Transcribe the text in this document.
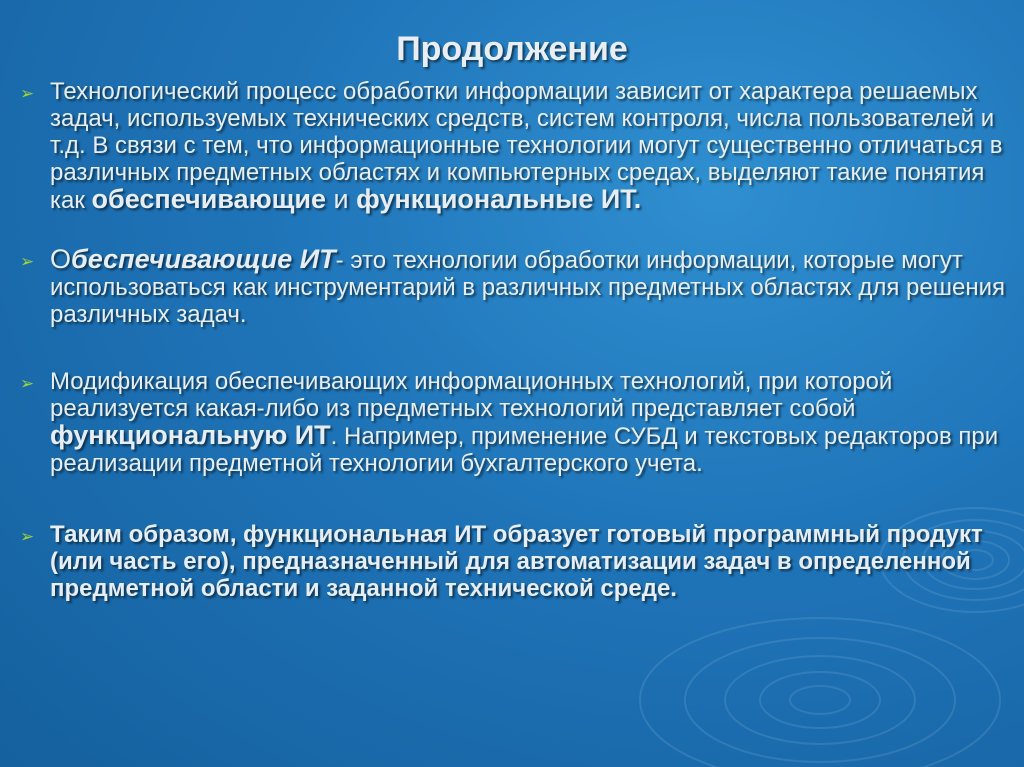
Продолжение
➢ Технологический процесс обработки информации зависит от характера решаемых задач, используемых технических средств, систем контроля, числа пользователей и т.д. В связи с тем, что информационные технологии могут существенно отличаться в различных предметных областях и компьютерных средах, выделяют такие понятия как обеспечивающие и функциональные ИТ.
➢ Обеспечивающие ИТ- это технологии обработки информации, которые могут использоваться как инструментарий в различных предметных областях для решения различных задач.
➢ Модификация обеспечивающих информационных технологий, при которой реализуется какая-либо из предметных технологий представляет собой функциональную ИТ. Например, применение СУБД и текстовых редакторов при реализации предметной технологии бухгалтерского учета.
➢ Таким образом, функциональная ИТ образует готовый программный продукт (или часть его), предназначенный для автоматизации задач в определенной предметной области и заданной технической среде.
